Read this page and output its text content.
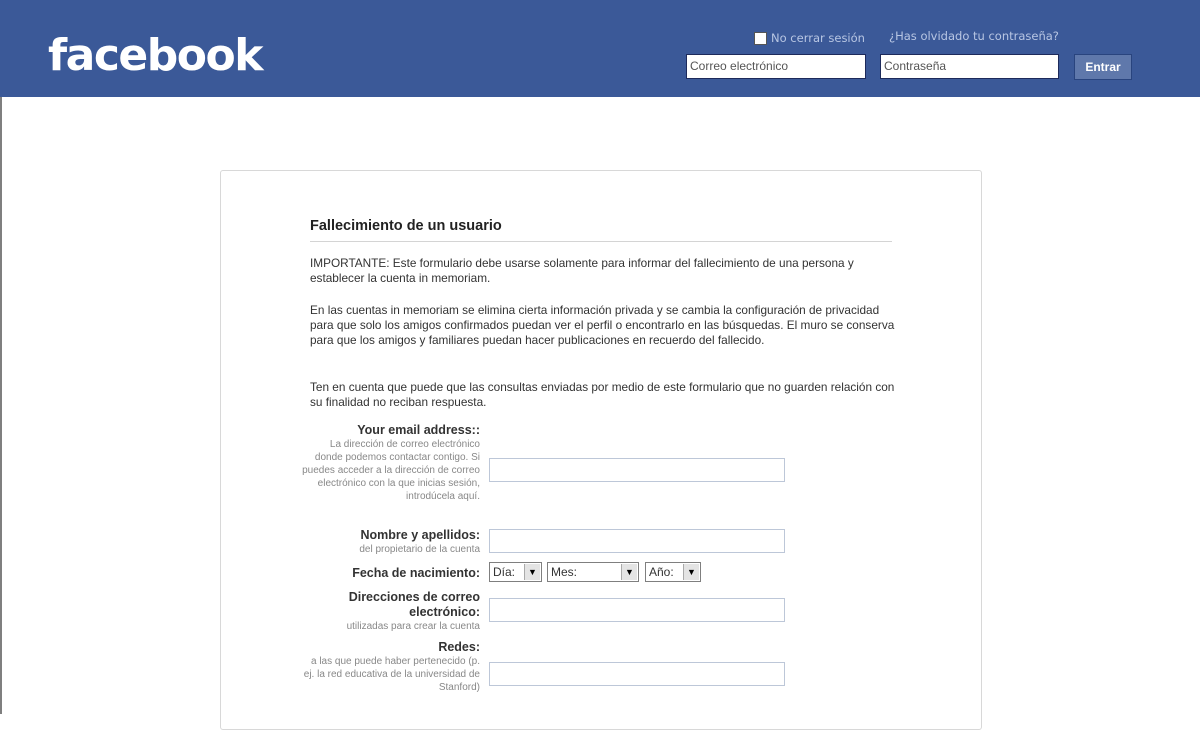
facebook	No cerrar sesión ¿Has olvidado tu contraseña?
Correo electrónico	Contraseña	Entrar
Fallecimiento de un usuario

IMPORTANTE: Este formulario debe usarse solamente para informar del fallecimiento de una persona y establecer la cuenta in memoriam.

En las cuentas in memoriam se elimina cierta información privada y se cambia la configuración de privacidad para que solo los amigos confirmados puedan ver el perfil o encontrarlo en las búsquedas. El muro se conserva para que los amigos y familiares puedan hacer publicaciones en recuerdo del fallecido.

Ten en cuenta que puede que las consultas enviadas por medio de este formulario que no guarden relación con su finalidad no reciban respuesta.

Your email address::
La dirección de correo electrónico donde podemos contactar contigo. Si puedes acceder a la dirección de correo electrónico con la que inicias sesión, introdúcela aquí.
Nombre y apellidos:
del propietario de la cuenta
Fecha de nacimiento: Día:	▼ Mes:	▼ Año:	▼
Direcciones de correo electrónico:
utilizadas para crear la cuenta
Redes:
a las que puede haber pertenecido (p. ej. la red educativa de la universidad de Stanford)
